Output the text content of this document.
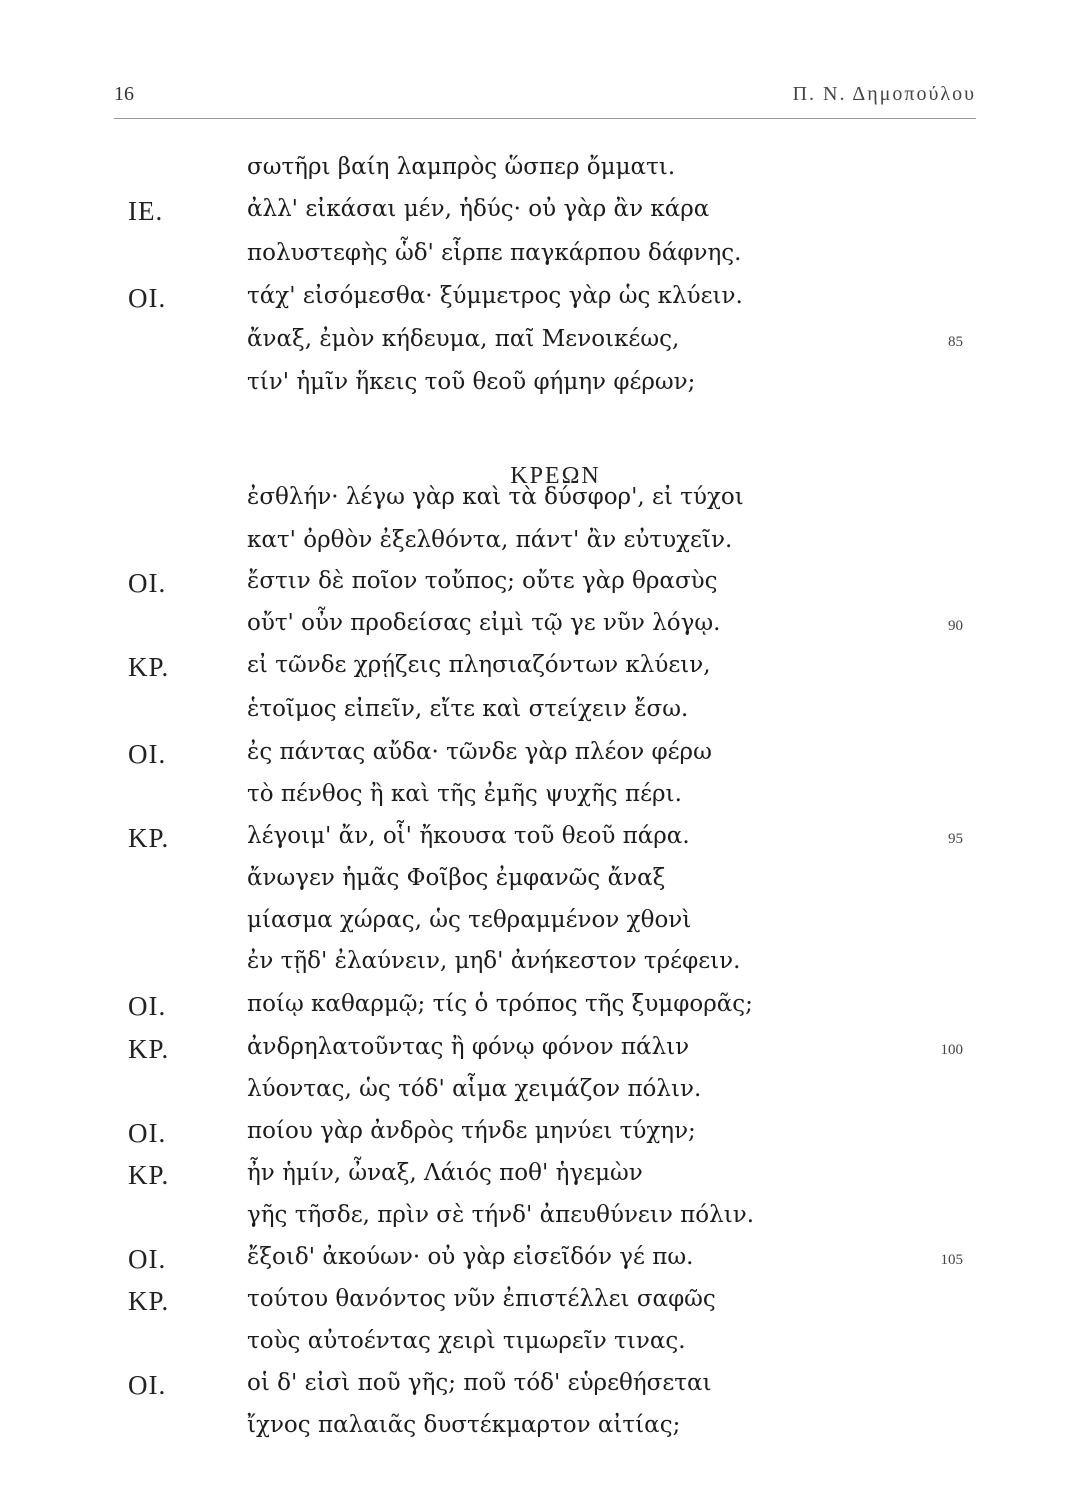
16	Π. Ν. Δημοπούλου
ΚΡΕΩΝ
σωτῆρι βαίη λαμπρὸς ὥσπερ ὄμματι.
ΙΕ.	ἀλλ' εἰκάσαι μέν, ἡδύς· οὐ γὰρ ἂν κάρα
πολυστεφὴς ὧδ' εἷρπε παγκάρπου δάφνης.
ΟΙ.	τάχ' εἰσόμεσθα· ξύμμετρος γὰρ ὡς κλύειν.
ἄναξ, ἐμὸν κήδευμα, παῖ Μενοικέως,	85
τίν' ἡμῖν ἥκεις τοῦ θεοῦ φήμην φέρων;
ἐσθλήν· λέγω γὰρ καὶ τὰ δύσφορ', εἰ τύχοι
κατ' ὀρθὸν ἐξελθόντα, πάντ' ἂν εὐτυχεῖν.
ΟΙ.	ἔστιν δὲ ποῖον τοὔπος; οὔτε γὰρ θρασὺς
οὔτ' οὖν προδείσας εἰμὶ τῷ γε νῦν λόγῳ.	90
ΚΡ.	εἰ τῶνδε χρῄζεις πλησιαζόντων κλύειν,
ἑτοῖμος εἰπεῖν, εἴτε καὶ στείχειν ἔσω.
ΟΙ.	ἐς πάντας αὔδα· τῶνδε γὰρ πλέον φέρω
τὸ πένθος ἢ καὶ τῆς ἐμῆς ψυχῆς πέρι.
ΚΡ.	λέγοιμ' ἄν, οἷ' ἤκουσα τοῦ θεοῦ πάρα.	95
ἄνωγεν ἡμᾶς Φοῖβος ἐμφανῶς ἄναξ
μίασμα χώρας, ὡς τεθραμμένον χθονὶ
ἐν τῇδ' ἐλαύνειν, μηδ' ἀνήκεστον τρέφειν.
ΟΙ.	ποίῳ καθαρμῷ; τίς ὁ τρόπος τῆς ξυμφορᾶς;
ΚΡ.	ἀνδρηλατοῦντας ἢ φόνῳ φόνον πάλιν	100
λύοντας, ὡς τόδ' αἷμα χειμάζον πόλιν.
ΟΙ.	ποίου γὰρ ἀνδρὸς τήνδε μηνύει τύχην;
ΚΡ.	ἦν ἡμίν, ὦναξ, Λάιός ποθ' ἡγεμὼν
γῆς τῆσδε, πρὶν σὲ τήνδ' ἀπευθύνειν πόλιν.
ΟΙ.	ἔξοιδ' ἀκούων· οὐ γὰρ εἰσεῖδόν γέ πω.	105
ΚΡ.	τούτου θανόντος νῦν ἐπιστέλλει σαφῶς
τοὺς αὐτοέντας χειρὶ τιμωρεῖν τινας.
ΟΙ.	οἱ δ' εἰσὶ ποῦ γῆς; ποῦ τόδ' εὑρεθήσεται
ἴχνος παλαιᾶς δυστέκμαρτον αἰτίας;
